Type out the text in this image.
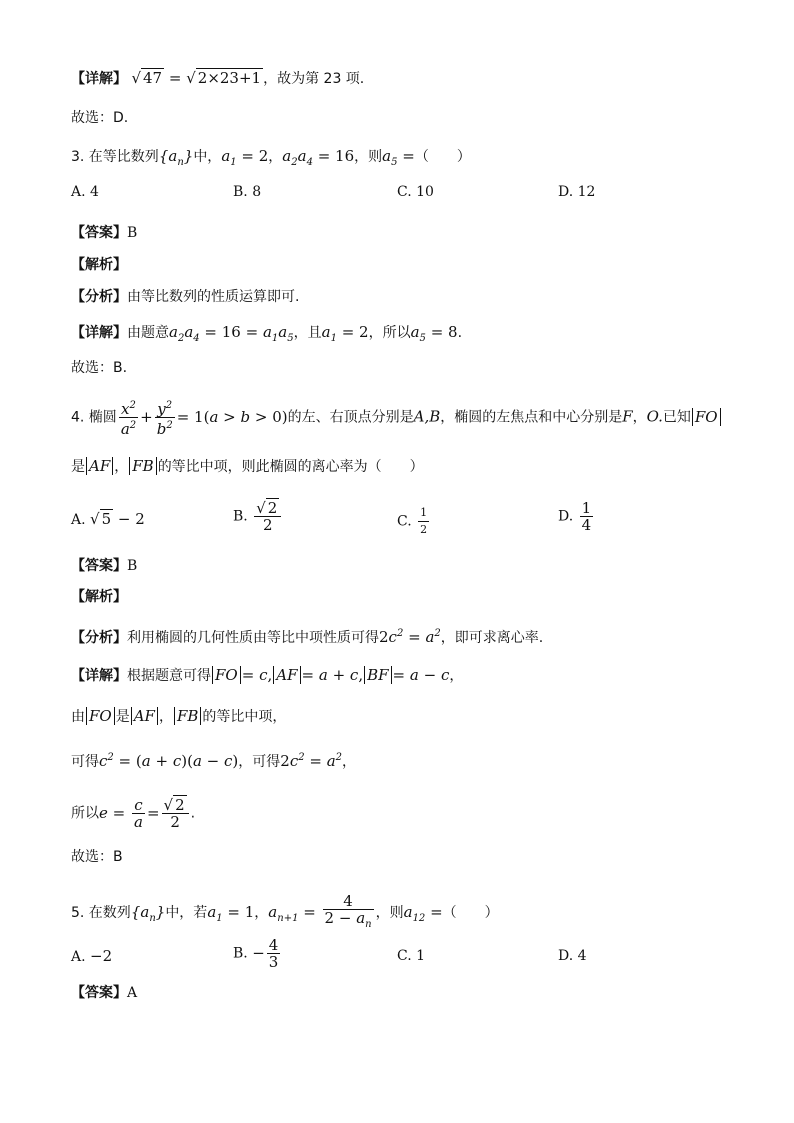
【详解】 √ 47 = √ 2×23+1 ，故为第 23 项.
故选：D.
3. 在等比数列$\{a_n\}$中，$a_1 = 2$，$a_2a_4 = 16$，则$a_5$ =（　　）
A. 4	B. 8	C. 10	D. 12
【答案】B
【解析】
【分析】由等比数列的性质运算即可.
【详解】由题意$a_2a_4 = 16 = a_1a_5$，且$a_1 = 2$，所以$a_5 = 8$.
故选：B.
4. 椭圆 $\frac{x^2}{a^2} + \frac{y^2}{b^2} = 1(a > b > 0)$的左、右顶点分别是A,B，椭圆的左焦点和中心分别是F，O.已知 FO
是 AF ， FB 的等比中项，则此椭圆的离心率为（　　）
A. √ 5 − 2	B. $\frac{√ 2}{2}$	C. $\frac{1}{2}$	D. $\frac{1}{4}$
【答案】B
【解析】
【分析】利用椭圆的几何性质由等比中项性质可得$2c^2 = a^2$，即可求离心率.
【详解】根据题意可得 FO = c, AF = a + c, BF = a − c，
由 FO 是 AF ， FB 的等比中项，
可得$c^2 = (a + c)(a - c)$，可得$2c^2 = a^2$，
所以$e = \frac{c}{a} = \frac{√ 2}{2}$ .
故选：B
5. 在数列$\{a_n\}$中，若$a_1 = 1$，$a_{n+1} = \frac{4}{2 - a_n}$ ，则$a_{12}$ =（　　）
A. −2	B. − $\frac{4}{3}$	C. 1	D. 4
【答案】A
